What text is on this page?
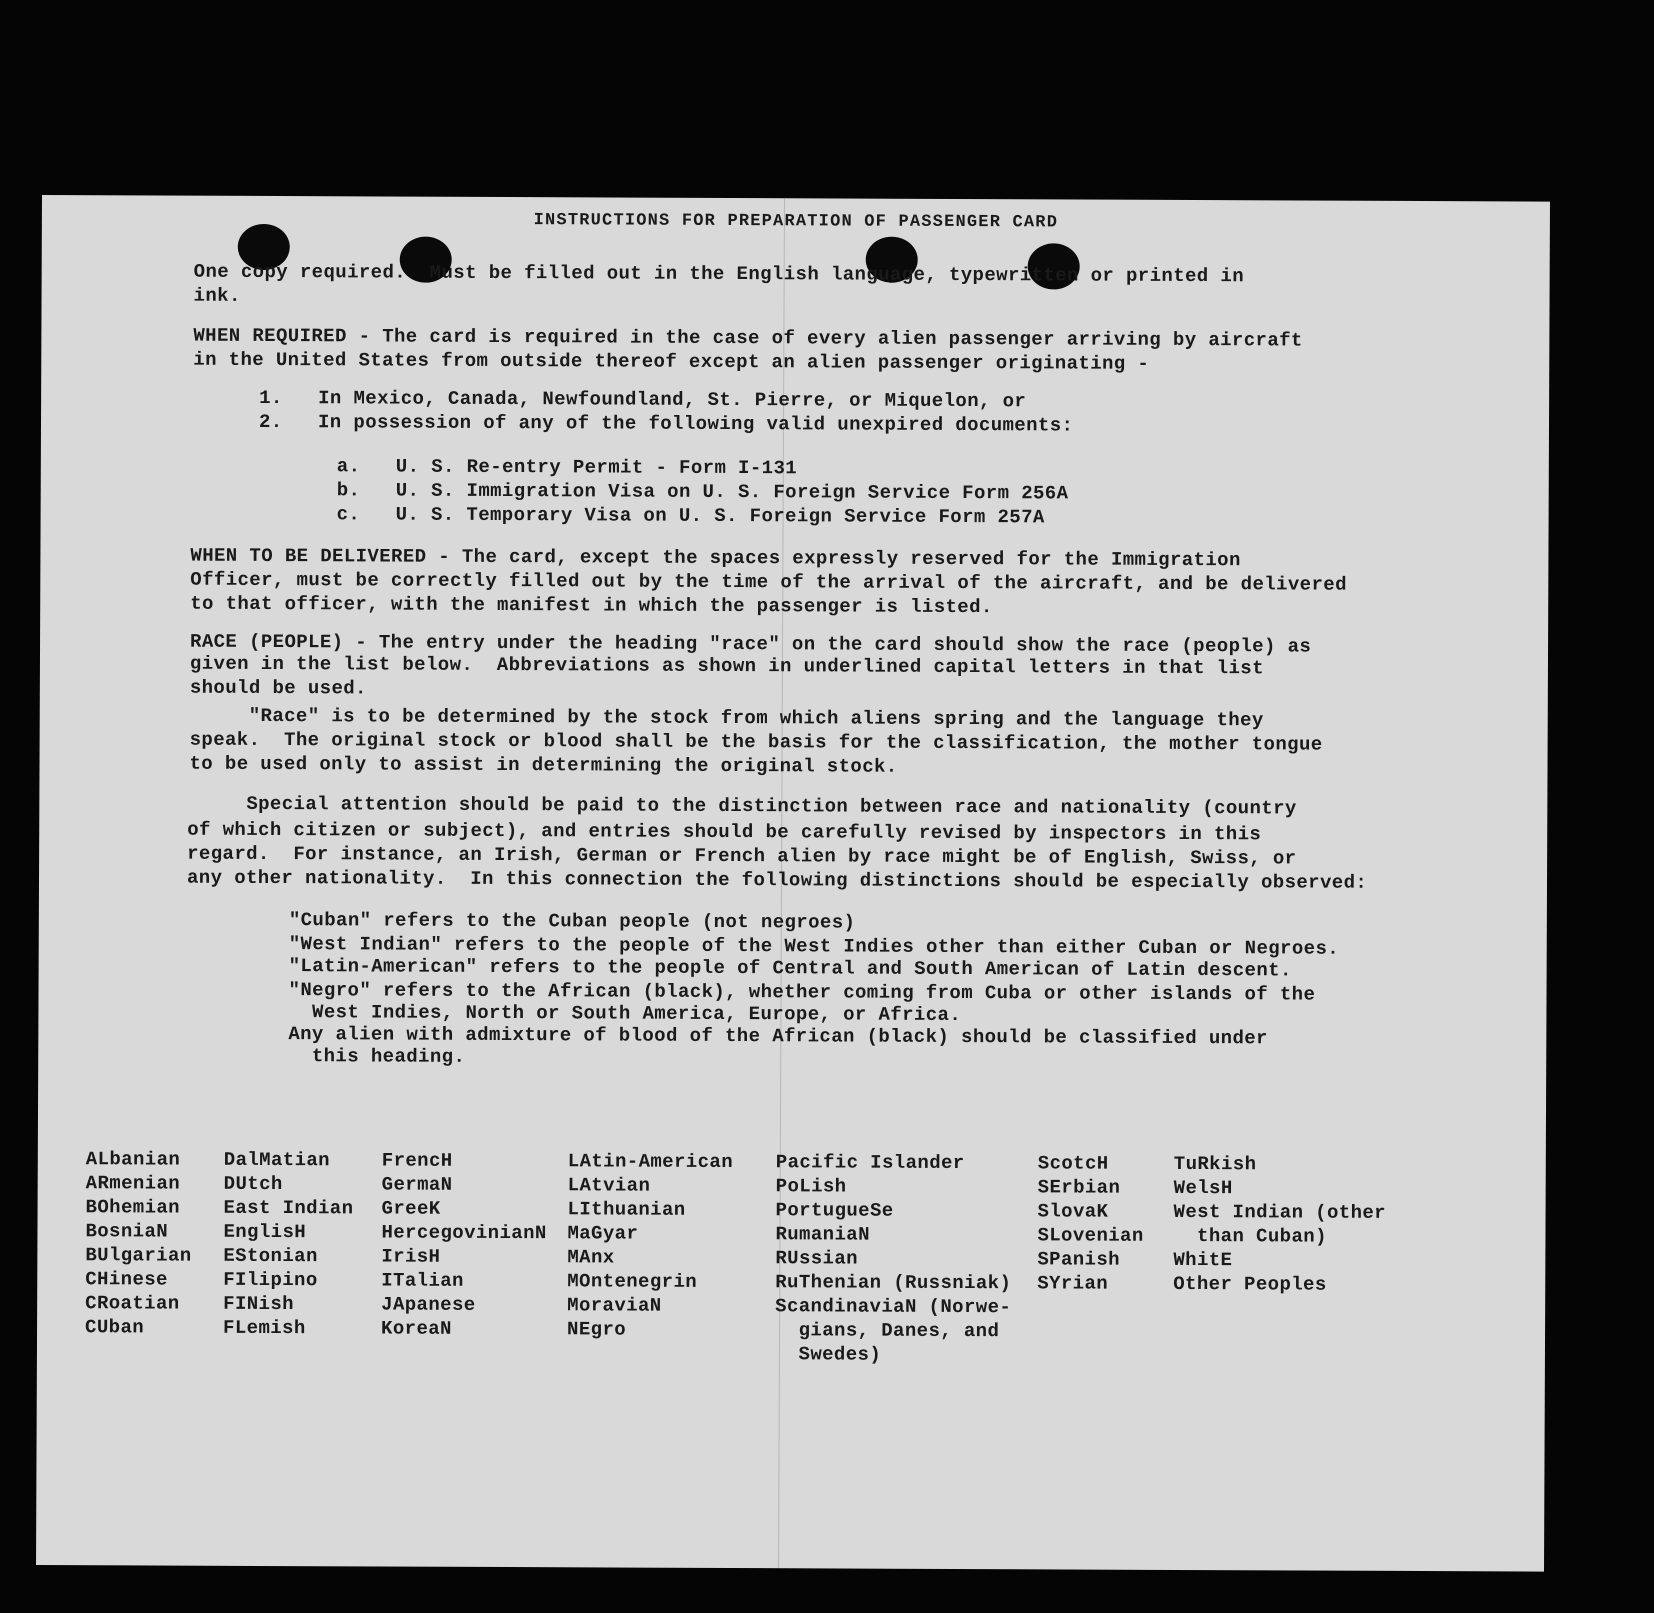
INSTRUCTIONS FOR PREPARATION OF PASSENGER CARD
One copy required.  Must be filled out in the English language, typewritten or printed in
ink.
WHEN REQUIRED - The card is required in the case of every alien passenger arriving by aircraft
in the United States from outside thereof except an alien passenger originating -
1.   In Mexico, Canada, Newfoundland, St. Pierre, or Miquelon, or
2.   In possession of any of the following valid unexpired documents:
a.   U. S. Re-entry Permit - Form I-131
b.   U. S. Immigration Visa on U. S. Foreign Service Form 256A
c.   U. S. Temporary Visa on U. S. Foreign Service Form 257A
WHEN TO BE DELIVERED - The card, except the spaces expressly reserved for the Immigration
Officer, must be correctly filled out by the time of the arrival of the aircraft, and be delivered
to that officer, with the manifest in which the passenger is listed.
RACE (PEOPLE) - The entry under the heading "race" on the card should show the race (people) as
given in the list below.  Abbreviations as shown in underlined capital letters in that list
should be used.
"Race" is to be determined by the stock from which aliens spring and the language they
speak.  The original stock or blood shall be the basis for the classification, the mother tongue
to be used only to assist in determining the original stock.
Special attention should be paid to the distinction between race and nationality (country
of which citizen or subject), and entries should be carefully revised by inspectors in this
regard.  For instance, an Irish, German or French alien by race might be of English, Swiss, or
any other nationality.  In this connection the following distinctions should be especially observed:
"Cuban" refers to the Cuban people (not negroes)
"West Indian" refers to the people of the West Indies other than either Cuban or Negroes.
"Latin-American" refers to the people of Central and South American of Latin descent.
"Negro" refers to the African (black), whether coming from Cuba or other islands of the
West Indies, North or South America, Europe, or Africa.
Any alien with admixture of blood of the African (black) should be classified under
this heading.
ALbanian
ARmenian
BOhemian
BosniaN
BUlgarian
CHinese
CRoatian
CUban
DalMatian
DUtch
East Indian
EnglisH
EStonian
FIlipino
FINish
FLemish
FrencH
GermaN
GreeK
HercegovinianN
IrisH
ITalian
JApanese
KoreaN
LAtin-American
LAtvian
LIthuanian
MaGyar
MAnx
MOntenegrin
MoraviaN
NEgro
Pacific Islander
PoLish
PortugueSe
RumaniaN
RUssian
RuThenian (Russniak)
ScandinaviaN (Norwe-
gians, Danes, and
Swedes)
ScotcH
SErbian
SlovaK
SLovenian
SPanish
SYrian
TuRkish
WelsH
West Indian (other
than Cuban)
WhitE
Other Peoples
